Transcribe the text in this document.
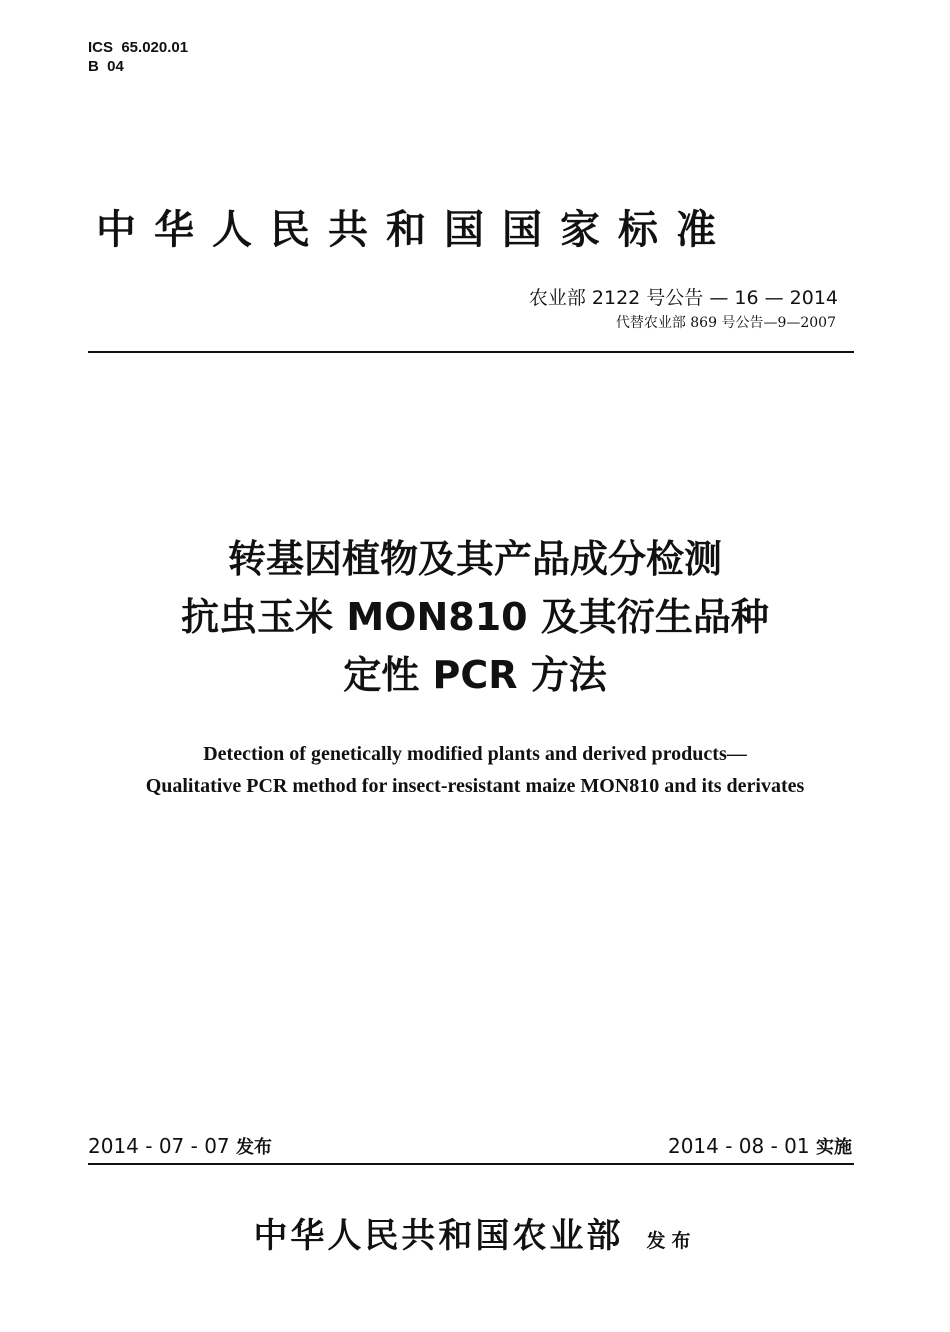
ICS  65.020.01
B  04
中华人民共和国国家标准
农业部 2122 号公告 — 16 — 2014
代替农业部 869 号公告—9—2007
转基因植物及其产品成分检测
抗虫玉米 MON810 及其衍生品种
定性 PCR 方法
Detection of genetically modified plants and derived products—
Qualitative PCR method for insect-resistant maize MON810 and its derivates
2014 - 07 - 07 发布	2014 - 08 - 01 实施
中华人民共和国农业部 发布
